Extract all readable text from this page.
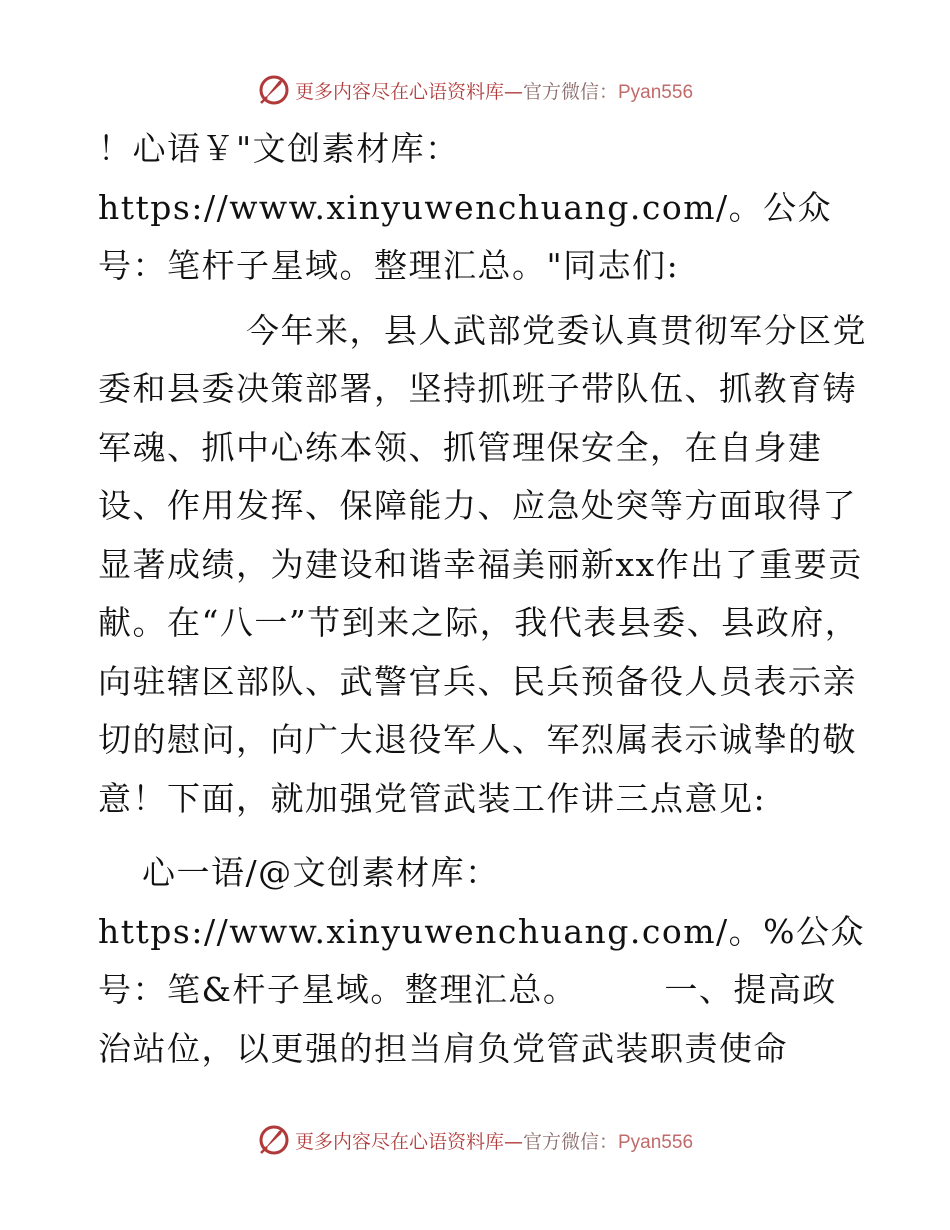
更多内容尽在心语资料库—官方微信：Pyan556

！心语￥"文创素材库：https://www.xinyuwenchuang.com/。公众号：笔杆子星域。整理汇总。"同志们:

今年来，县人武部党委认真贯彻军分区党委和县委决策部署，坚持抓班子带队伍、抓教育铸军魂、抓中心练本领、抓管理保安全，在自身建设、作用发挥、保障能力、应急处突等方面取得了显著成绩，为建设和谐幸福美丽新xx作出了重要贡献。在“八一”节到来之际，我代表县委、县政府，向驻辖区部队、武警官兵、民兵预备役人员表示亲切的慰问，向广大退役军人、军烈属表示诚挚的敬意！下面，就加强党管武装工作讲三点意见:

心一语/@文创素材库：https://www.xinyuwenchuang.com/。%公众号：笔&杆子星域。整理汇总。　　　一、提高政治站位，以更强的担当肩负党管武装职责使命

更多内容尽在心语资料库—官方微信：Pyan556
